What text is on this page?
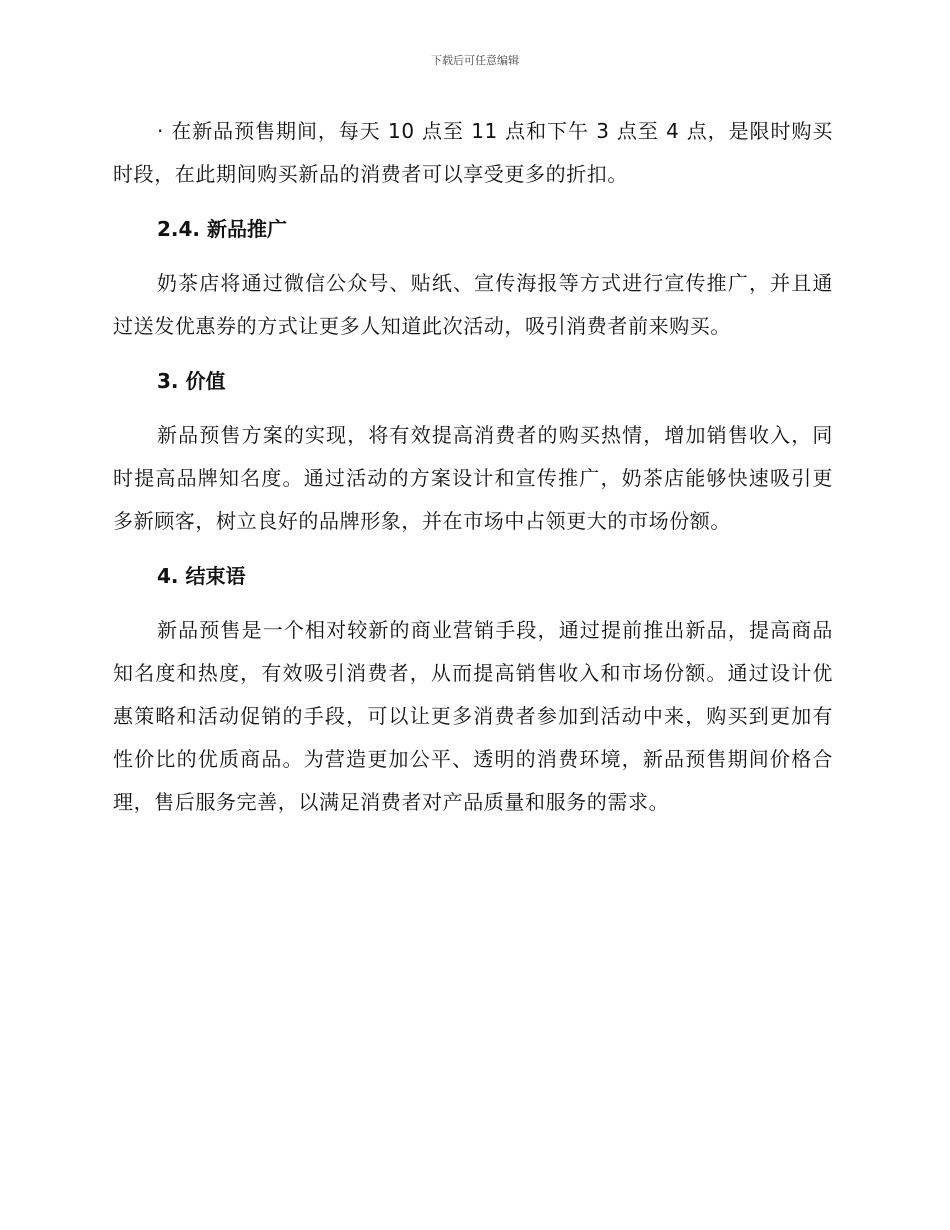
下载后可任意编辑

· 在新品预售期间，每天 10 点至 11 点和下午 3 点至 4 点，是限时购买时段，在此期间购买新品的消费者可以享受更多的折扣。

2.4. 新品推广

奶茶店将通过微信公众号、贴纸、宣传海报等方式进行宣传推广，并且通过送发优惠券的方式让更多人知道此次活动，吸引消费者前来购买。

3. 价值

新品预售方案的实现，将有效提高消费者的购买热情，增加销售收入，同时提高品牌知名度。通过活动的方案设计和宣传推广，奶茶店能够快速吸引更多新顾客，树立良好的品牌形象，并在市场中占领更大的市场份额。

4. 结束语

新品预售是一个相对较新的商业营销手段，通过提前推出新品，提高商品知名度和热度，有效吸引消费者，从而提高销售收入和市场份额。通过设计优惠策略和活动促销的手段，可以让更多消费者参加到活动中来，购买到更加有性价比的优质商品。为营造更加公平、透明的消费环境，新品预售期间价格合理，售后服务完善，以满足消费者对产品质量和服务的需求。
